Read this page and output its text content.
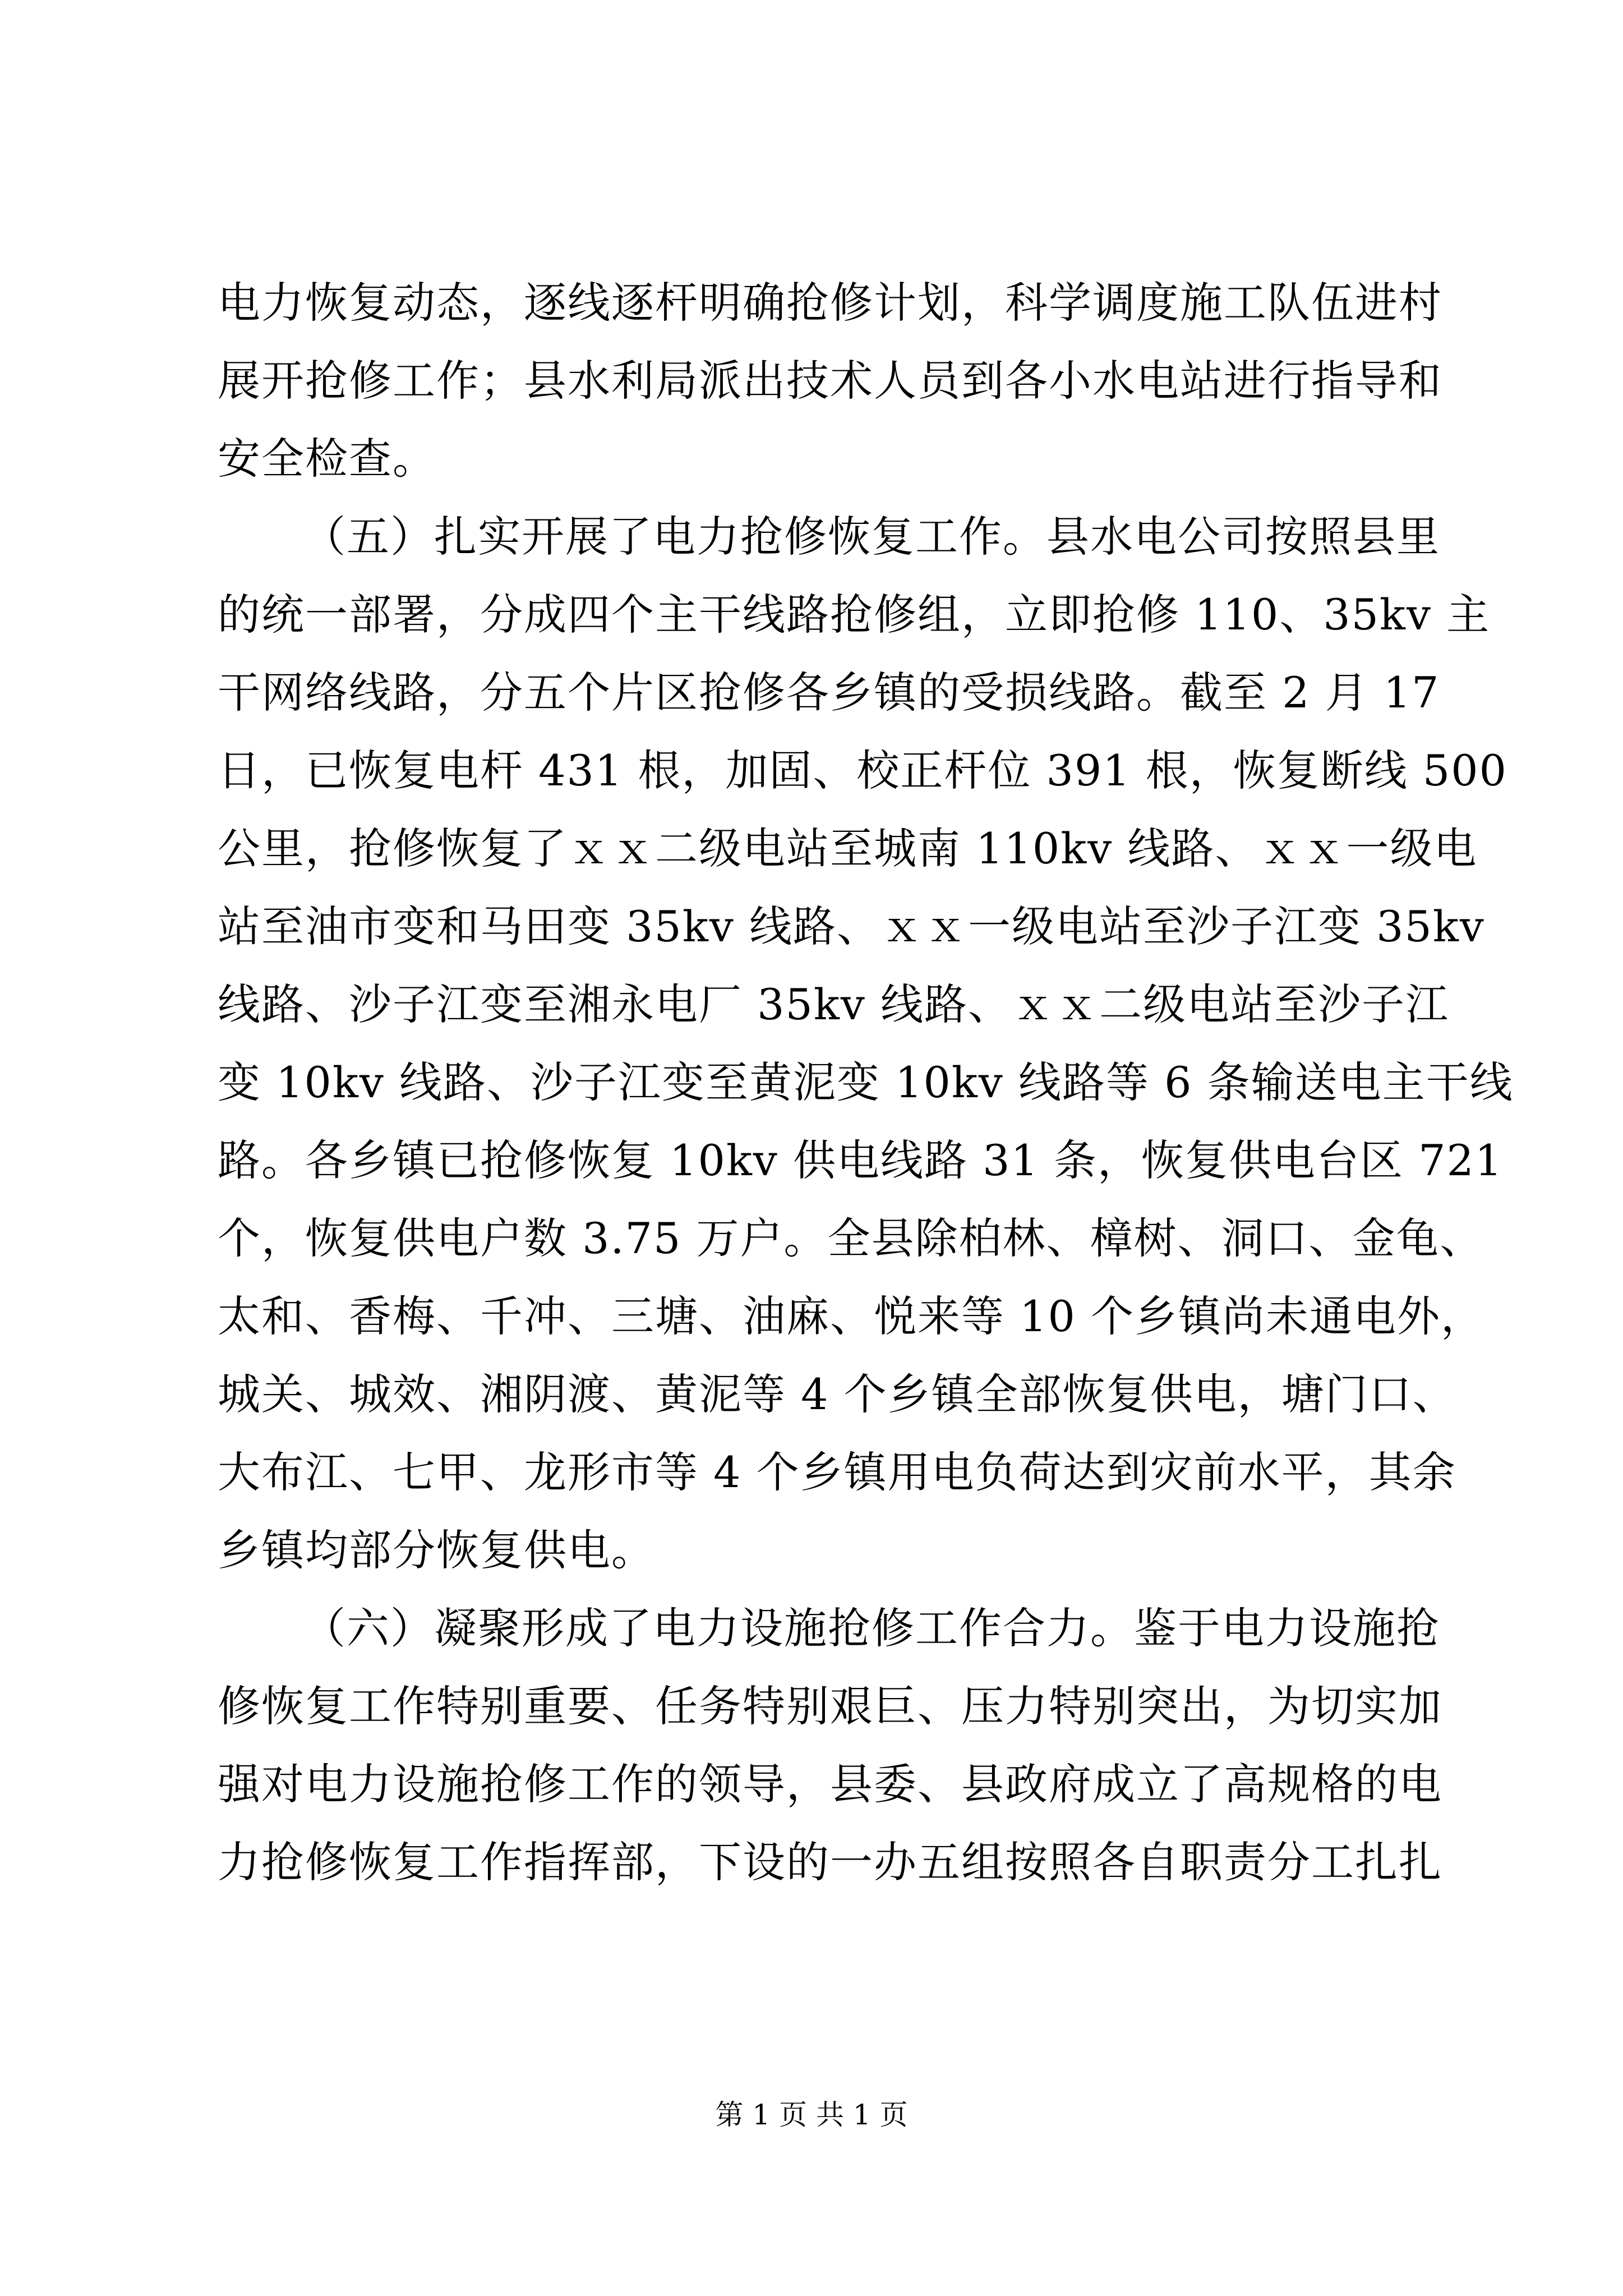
电力恢复动态，逐线逐杆明确抢修计划，科学调度施工队伍进村
展开抢修工作；县水利局派出技术人员到各小水电站进行指导和
安全检查。
（五）扎实开展了电力抢修恢复工作。县水电公司按照县里
的统一部署，分成四个主干线路抢修组，立即抢修 110、35kv 主
干网络线路，分五个片区抢修各乡镇的受损线路。截至 2 月 17
日，已恢复电杆 431 根，加固、校正杆位 391 根，恢复断线 500
公里，抢修恢复了ｘｘ二级电站至城南 110kv 线路、ｘｘ一级电
站至油市变和马田变 35kv 线路、ｘｘ一级电站至沙子江变 35kv
线路、沙子江变至湘永电厂 35kv 线路、ｘｘ二级电站至沙子江
变 10kv 线路、沙子江变至黄泥变 10kv 线路等 6 条输送电主干线
路。各乡镇已抢修恢复 10kv 供电线路 31 条，恢复供电台区 721
个，恢复供电户数 3.75 万户。全县除柏林、樟树、洞口、金龟、
太和、香梅、千冲、三塘、油麻、悦来等 10 个乡镇尚未通电外，
城关、城效、湘阴渡、黄泥等 4 个乡镇全部恢复供电，塘门口、
大布江、七甲、龙形市等 4 个乡镇用电负荷达到灾前水平，其余
乡镇均部分恢复供电。
（六）凝聚形成了电力设施抢修工作合力。鉴于电力设施抢
修恢复工作特别重要、任务特别艰巨、压力特别突出，为切实加
强对电力设施抢修工作的领导，县委、县政府成立了高规格的电
力抢修恢复工作指挥部，下设的一办五组按照各自职责分工扎扎
第 1 页 共 1 页
